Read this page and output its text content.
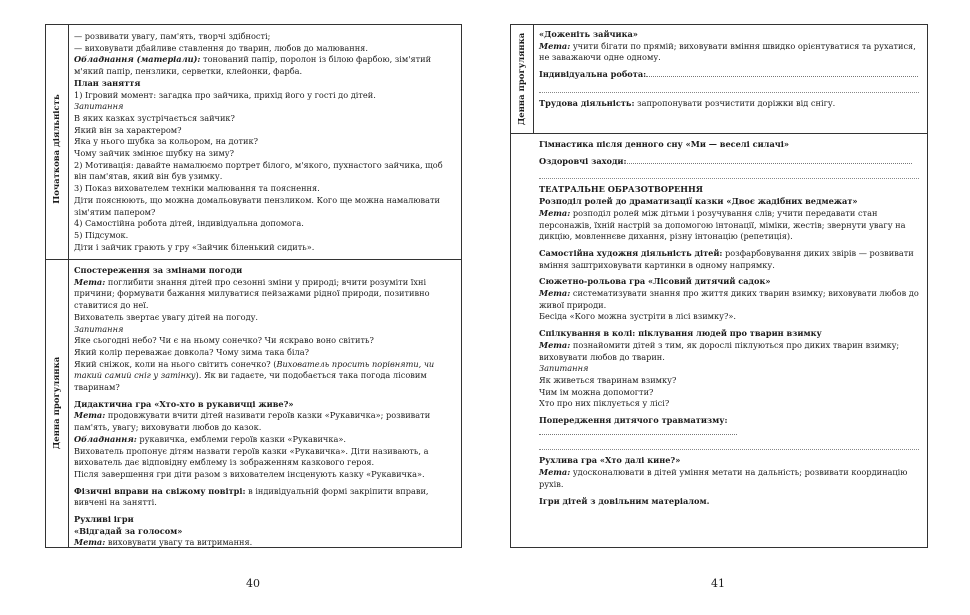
Початкова діяльність
Денна прогулянка

— розвивати увагу, пам'ять, творчі здібності;

— виховувати дбайливе ставлення до тварин, любов до малювання.

Обладнання (матеріали): тонований папір, поролон із білою фарбою, зім'ятий м'який папір, пензлики, серветки, клейонки, фарба.

План заняття

1) Ігровий момент: загадка про зайчика, прихід його у гості до дітей.

Запитання

В яких казках зустрічається зайчик?

Який він за характером?

Яка у нього шубка за кольором, на дотик?

Чому зайчик змінює шубку на зиму?

2) Мотивація: давайте намалюємо портрет білого, м'якого, пухнастого зайчика, щоб він пам'ятав, який він був узимку.

3) Показ вихователем техніки малювання та пояснення.

Діти пояснюють, що можна домальовувати пензликом. Кого ще можна намалювати зім'ятим папером?

4) Самостійна робота дітей, індивідуальна допомога.

5) Підсумок.

Діти і зайчик грають у гру «Зайчик біленький сидить».

Спостереження за змінами погоди

Мета: поглибити знання дітей про сезонні зміни у природі; вчити розуміти їхні причини; формувати бажання милуватися пейзажами рідної природи, позитивно ставитися до неї.

Вихователь звертає увагу дітей на погоду.

Запитання

Яке сьогодні небо? Чи є на ньому сонечко? Чи яскраво воно світить?

Який колір переважає довкола? Чому зима така біла?

Який сніжок, коли на нього світить сонечко? (Вихователь просить порівняти, чи такий самий сніг у затінку). Як ви гадаєте, чи подобається така погода лісовим тваринам?

Дидактична гра «Хто-хто в рукавичці живе?»

Мета: продовжувати вчити дітей називати героїв казки «Рукавичка»; розвивати пам'ять, увагу; виховувати любов до казок.

Обладнання: рукавичка, емблеми героїв казки «Рукавичка».

Вихователь пропонує дітям назвати героїв казки «Рукавичка». Діти називають, а вихователь дає відповідну емблему із зображенням казкового героя.

Після завершення гри діти разом з вихователем інсценують казку «Рукавичка».

Фізичні вправи на свіжому повітрі: в індивідуальній формі закріпити вправи, вивчені на занятті.

Рухливі ігри

«Відгадай за голосом»

Мета: виховувати увагу та витримання.

Денна прогулянка «Доженіть зайчика»

Мета: учити бігати по прямій; виховувати вміння швидко орієнтуватися та рухатися, не заважаючи одне одному.

Індивідуальна робота:

Трудова діяльність: запропонувати розчистити доріжки від снігу.

Гімнастика після денного сну «Ми — веселі силачі»

Оздоровчі заходи:

ТЕАТРАЛЬНЕ ОБРАЗОТВОРЕННЯ

Розподіл ролей до драматизації казки «Двоє жадібних ведмежат»

Мета: розподіл ролей між дітьми і розучування слів; учити передавати стан персонажів, їхній настрій за допомогою інтонації, міміки, жестів; звернути увагу на дикцію, мовленнєве дихання, різну інтонацію (репетиція).

Самостійна художня діяльність дітей: розфарбовування диких звірів — розвивати вміння заштриховувати картинки в одному напрямку.

Сюжетно-рольова гра «Лісовий дитячий садок»

Мета: систематизувати знання про життя диких тварин взимку; виховувати любов до живої природи.

Бесіда «Кого можна зустріти в лісі взимку?».

Спілкування в колі: піклування людей про тварин взимку

Мета: познайомити дітей з тим, як дорослі піклуються про диких тварин взимку; виховувати любов до тварин.

Запитання

Як живеться тваринам взимку?

Чим ім можна допомогти?

Хто про них піклується у лісі?

Попередження дитячого травматизму:

Рухлива гра «Хто далі кине?»

Мета: удосконалювати в дітей уміння метати на дальність; розвивати координацію рухів.

Ігри дітей з довільним матеріалом.

40	41
